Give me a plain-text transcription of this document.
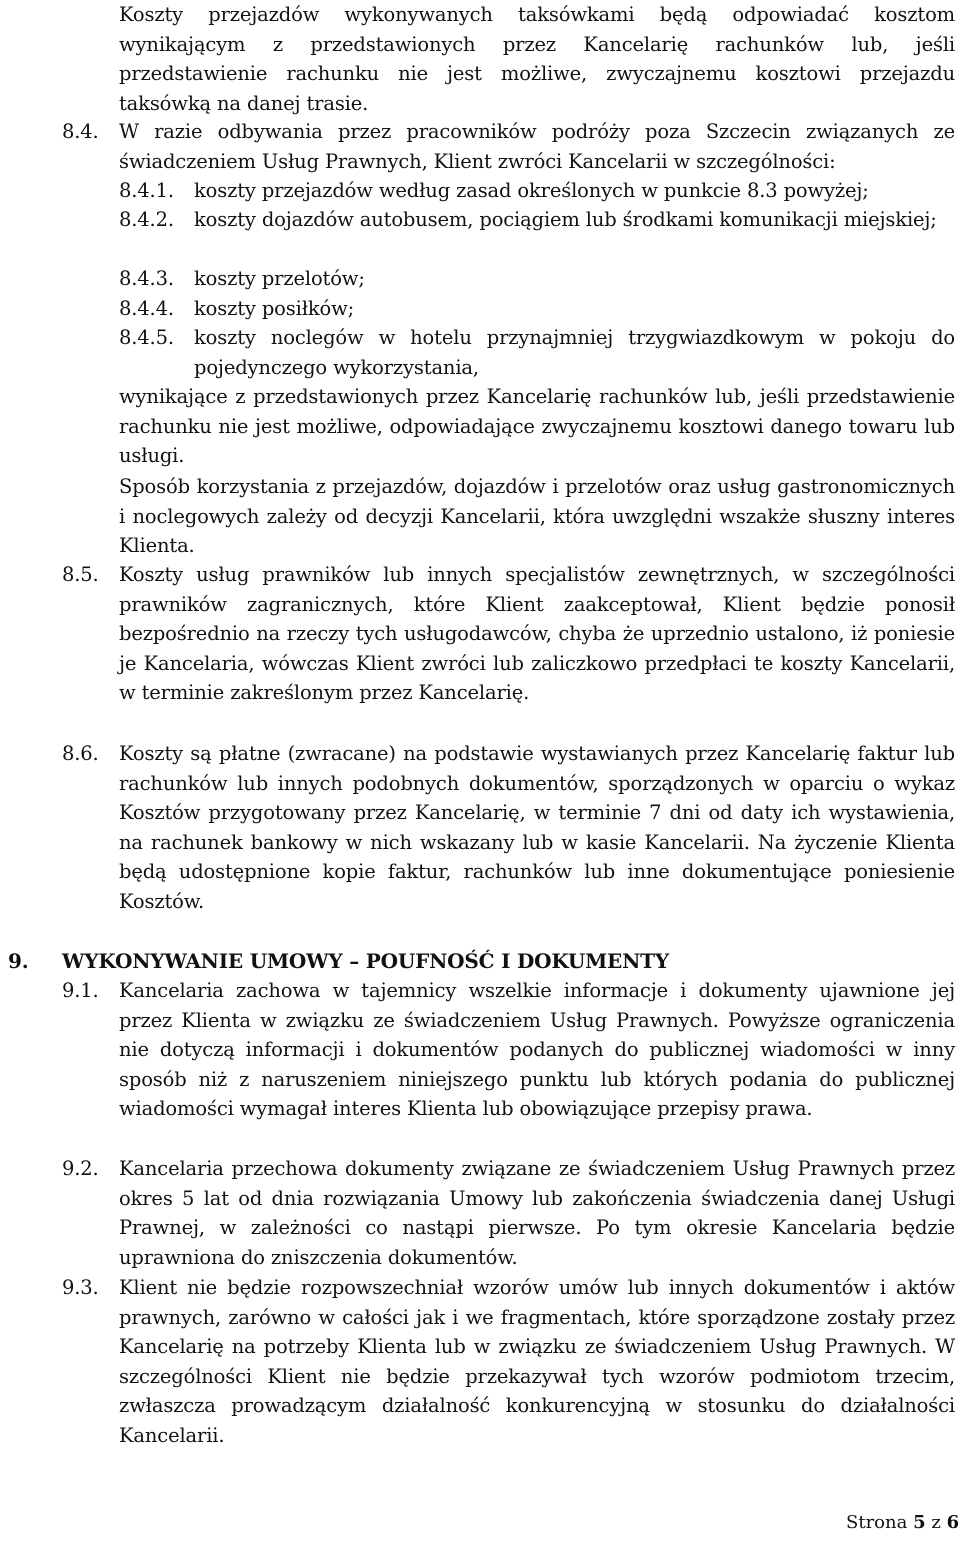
Koszty przejazdów wykonywanych taksówkami będą odpowiadać kosztom wynikającym z przedstawionych przez Kancelarię rachunków lub, jeśli przedstawienie rachunku nie jest możliwe, zwyczajnemu kosztowi przejazdu taksówką na danej trasie.
8.4. W razie odbywania przez pracowników podróży poza Szczecin związanych ze świadczeniem Usług Prawnych, Klient zwróci Kancelarii w szczególności:
8.4.1. koszty przejazdów według zasad określonych w punkcie 8.3 powyżej;
8.4.2. koszty dojazdów autobusem, pociągiem lub środkami komunikacji miejskiej;
8.4.3. koszty przelotów;
8.4.4. koszty posiłków;
8.4.5. koszty noclegów w hotelu przynajmniej trzygwiazdkowym w pokoju do pojedynczego wykorzystania,
wynikające z przedstawionych przez Kancelarię rachunków lub, jeśli przedstawienie rachunku nie jest możliwe, odpowiadające zwyczajnemu kosztowi danego towaru lub usługi.
Sposób korzystania z przejazdów, dojazdów i przelotów oraz usług gastronomicznych i noclegowych zależy od decyzji Kancelarii, która uwzględni wszakże słuszny interes Klienta.
8.5. Koszty usług prawników lub innych specjalistów zewnętrznych, w szczególności prawników zagranicznych, które Klient zaakceptował, Klient będzie ponosił bezpośrednio na rzeczy tych usługodawców, chyba że uprzednio ustalono, iż poniesie je Kancelaria, wówczas Klient zwróci lub zaliczkowo przedpłaci te koszty Kancelarii, w terminie zakreślonym przez Kancelarię.
8.6. Koszty są płatne (zwracane) na podstawie wystawianych przez Kancelarię faktur lub rachunków lub innych podobnych dokumentów, sporządzonych w oparciu o wykaz Kosztów przygotowany przez Kancelarię, w terminie 7 dni od daty ich wystawienia, na rachunek bankowy w nich wskazany lub w kasie Kancelarii. Na życzenie Klienta będą udostępnione kopie faktur, rachunków lub inne dokumentujące poniesienie Kosztów.
9. WYKONYWANIE UMOWY – POUFNOŚĆ I DOKUMENTY
9.1. Kancelaria zachowa w tajemnicy wszelkie informacje i dokumenty ujawnione jej przez Klienta w związku ze świadczeniem Usług Prawnych. Powyższe ograniczenia nie dotyczą informacji i dokumentów podanych do publicznej wiadomości w inny sposób niż z naruszeniem niniejszego punktu lub których podania do publicznej wiadomości wymagał interes Klienta lub obowiązujące przepisy prawa.
9.2. Kancelaria przechowa dokumenty związane ze świadczeniem Usług Prawnych przez okres 5 lat od dnia rozwiązania Umowy lub zakończenia świadczenia danej Usługi Prawnej, w zależności co nastąpi pierwsze. Po tym okresie Kancelaria będzie uprawniona do zniszczenia dokumentów.
9.3. Klient nie będzie rozpowszechniał wzorów umów lub innych dokumentów i aktów prawnych, zarówno w całości jak i we fragmentach, które sporządzone zostały przez Kancelarię na potrzeby Klienta lub w związku ze świadczeniem Usług Prawnych. W szczególności Klient nie będzie przekazywał tych wzorów podmiotom trzecim, zwłaszcza prowadzącym działalność konkurencyjną w stosunku do działalności Kancelarii.
Strona 5 z 6
